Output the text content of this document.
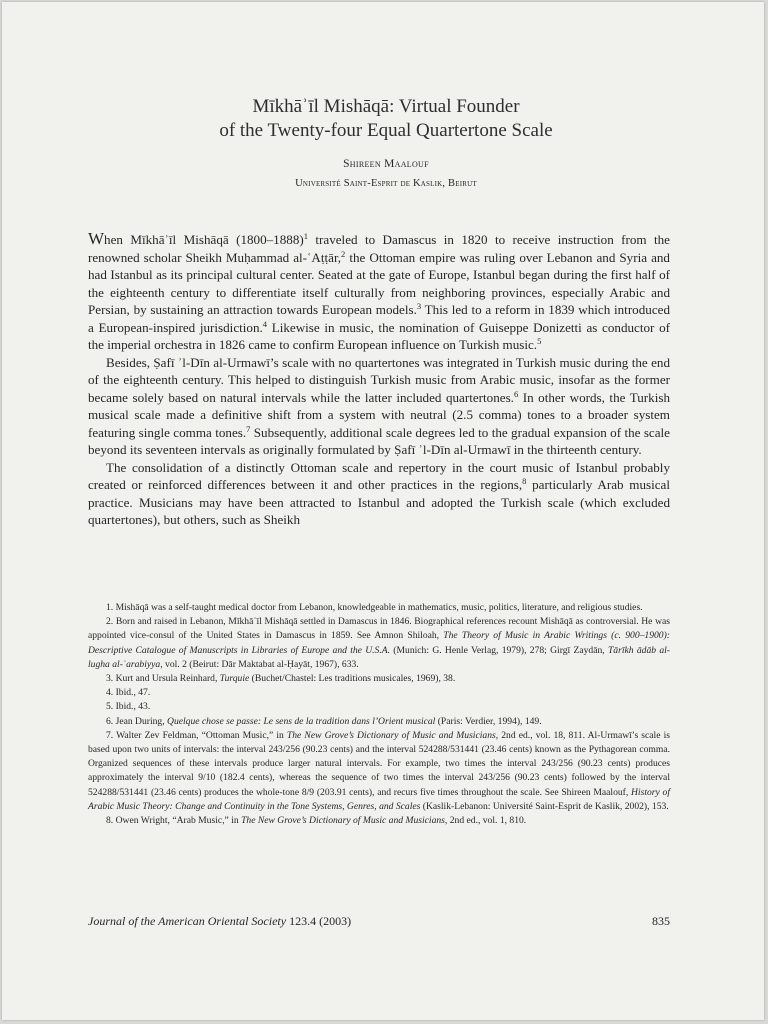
Mīkhāʾīl Mishāqā: Virtual Founder
of the Twenty-four Equal Quartertone Scale
Shireen Maalouf
Université Saint-Esprit de Kaslik, Beirut

When Mīkhāʾīl Mishāqā (1800–1888)$^1$ traveled to Damascus in 1820 to receive instruction from the renowned scholar Sheikh Muḥammad al-ʿAṭṭār,$^2$ the Ottoman empire was ruling over Lebanon and Syria and had Istanbul as its principal cultural center. Seated at the gate of Europe, Istanbul began during the first half of the eighteenth century to differentiate itself culturally from neighboring provinces, especially Arabic and Persian, by sustaining an attraction towards European models.$^3$ This led to a reform in 1839 which introduced a European-inspired jurisdiction.$^4$ Likewise in music, the nomination of Guiseppe Donizetti as conductor of the imperial orchestra in 1826 came to confirm European influence on Turkish music.$^5$

Besides, Ṣafī ʾl-Dīn al-Urmawī’s scale with no quartertones was integrated in Turkish music during the end of the eighteenth century. This helped to distinguish Turkish music from Arabic music, insofar as the former became solely based on natural intervals while the latter included quartertones.$^6$ In other words, the Turkish musical scale made a definitive shift from a system with neutral (2.5 comma) tones to a broader system featuring single comma tones.$^7$ Subsequently, additional scale degrees led to the gradual expansion of the scale beyond its seventeen intervals as originally formulated by Ṣafī ʾl-Dīn al-Urmawī in the thirteenth century.

The consolidation of a distinctly Ottoman scale and repertory in the court music of Istanbul probably created or reinforced differences between it and other practices in the regions,$^8$ particularly Arab musical practice. Musicians may have been attracted to Istanbul and adopted the Turkish scale (which excluded quartertones), but others, such as Sheikh

1. Mishāqā was a self-taught medical doctor from Lebanon, knowledgeable in mathematics, music, politics, literature, and religious studies.

2. Born and raised in Lebanon, Mīkhāʾīl Mishāqā settled in Damascus in 1846. Biographical references recount Mishāqā as controversial. He was appointed vice-consul of the United States in Damascus in 1859. See Amnon Shiloah, The Theory of Music in Arabic Writings (c. 900–1900): Descriptive Catalogue of Manuscripts in Libraries of Europe and the U.S.A. (Munich: G. Henle Verlag, 1979), 278; Girgī Zaydān, Tārīkh ādāb al-lugha al-ʿarabiyya, vol. 2 (Beirut: Dār Maktabat al-Ḥayāt, 1967), 633.

3. Kurt and Ursula Reinhard, Turquie (Buchet/Chastel: Les traditions musicales, 1969), 38.

4. Ibid., 47.

5. Ibid., 43.

6. Jean During, Quelque chose se passe: Le sens de la tradition dans l’Orient musical (Paris: Verdier, 1994), 149.

7. Walter Zev Feldman, “Ottoman Music,” in The New Grove’s Dictionary of Music and Musicians, 2nd ed., vol. 18, 811. Al-Urmawī’s scale is based upon two units of intervals: the interval 243/256 (90.23 cents) and the interval 524288/531441 (23.46 cents) known as the Pythagorean comma. Organized sequences of these intervals produce larger natural intervals. For example, two times the interval 243/256 (90.23 cents) produces approximately the interval 9/10 (182.4 cents), whereas the sequence of two times the interval 243/256 (90.23 cents) followed by the interval 524288/531441 (23.46 cents) produces the whole-tone 8/9 (203.91 cents), and recurs five times throughout the scale. See Shireen Maalouf, History of Arabic Music Theory: Change and Continuity in the Tone Systems, Genres, and Scales (Kaslik-Lebanon: Université Saint-Esprit de Kaslik, 2002), 153.

8. Owen Wright, “Arab Music,” in The New Grove’s Dictionary of Music and Musicians, 2nd ed., vol. 1, 810.

Journal of the American Oriental Society 123.4 (2003)	835
